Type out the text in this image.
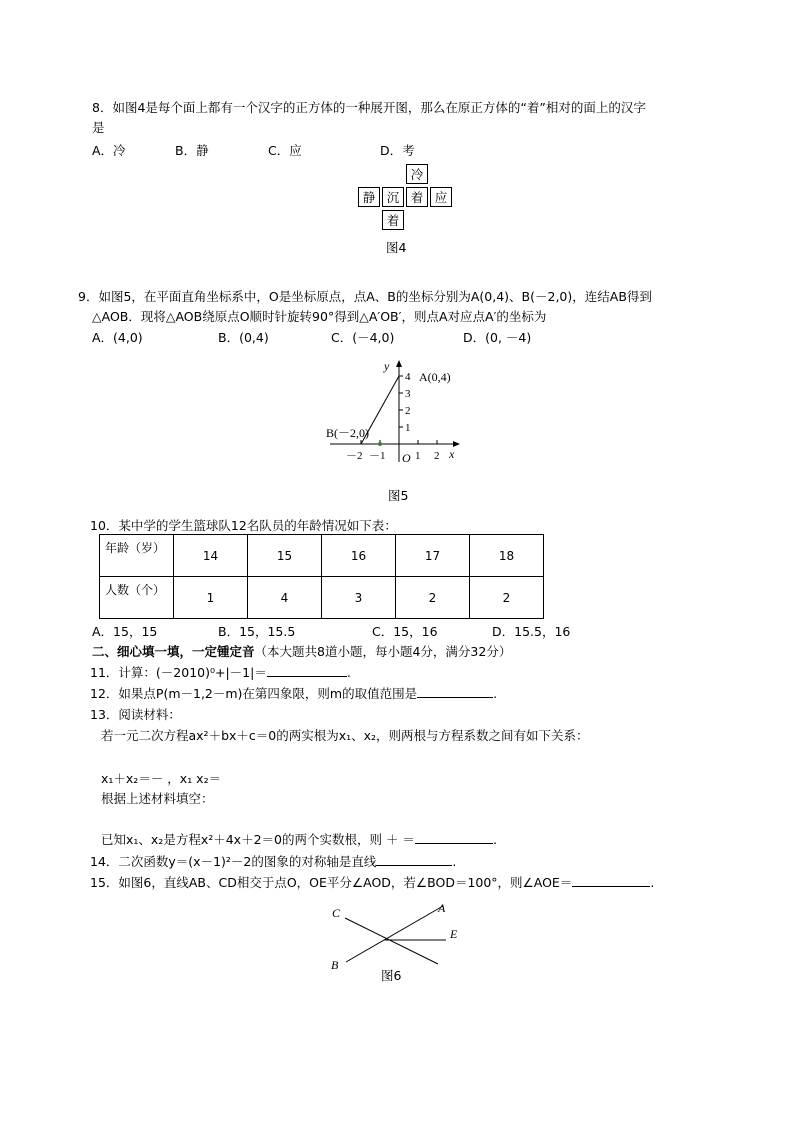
8．如图4是每个面上都有一个汉字的正方体的一种展开图，那么在原正方体的“着”相对的面上的汉字
是
A．冷	B．静	C．应	D．考
冷
静 沉 着 应
着
图4
9．如图5，在平面直角坐标系中，O是坐标原点，点A、B的坐标分别为A(0,4)、B(－2,0)，连结AB得到
△AOB．现将△AOB绕原点O顺时针旋转90°得到△A′OB′，则点A对应点A′的坐标为
A．(4,0)	B．(0,4)	C．(－4,0)	D．(0, －4)
y
x
O
A(0,4)
B(－2,0)
4
3
2
1
－2 －1	1 2
图5
10．某中学的学生篮球队12名队员的年龄情况如下表：
年龄（岁）	14	15	16	17	18
人数（个）	1	4	3	2	2
A．15，15	B．15，15.5	C．15，16	D．15.5，16
二、细心填一填，一定锺定音（本大题共8道小题，每小题4分，满分32分）
11．计算：(－2010)⁰+|－1|＝	.
12．如果点P(m－1,2－m)在第四象限，则m的取值范围是	.
13．阅读材料：
若一元二次方程ax²＋bx＋c＝0的两实根为x₁、x₂，则两根与方程系数之间有如下关系：
x₁＋x₂＝－ ，x₁ x₂＝
根据上述材料填空：
已知x₁、x₂是方程x²＋4x＋2＝0的两个实数根，则 ＋ ＝	.
14．二次函数y＝(x－1)²－2的图象的对称轴是直线	.
15．如图6，直线AB、CD相交于点O，OE平分∠AOD，若∠BOD＝100°，则∠AOE＝	.
C	A
E
B
图6
